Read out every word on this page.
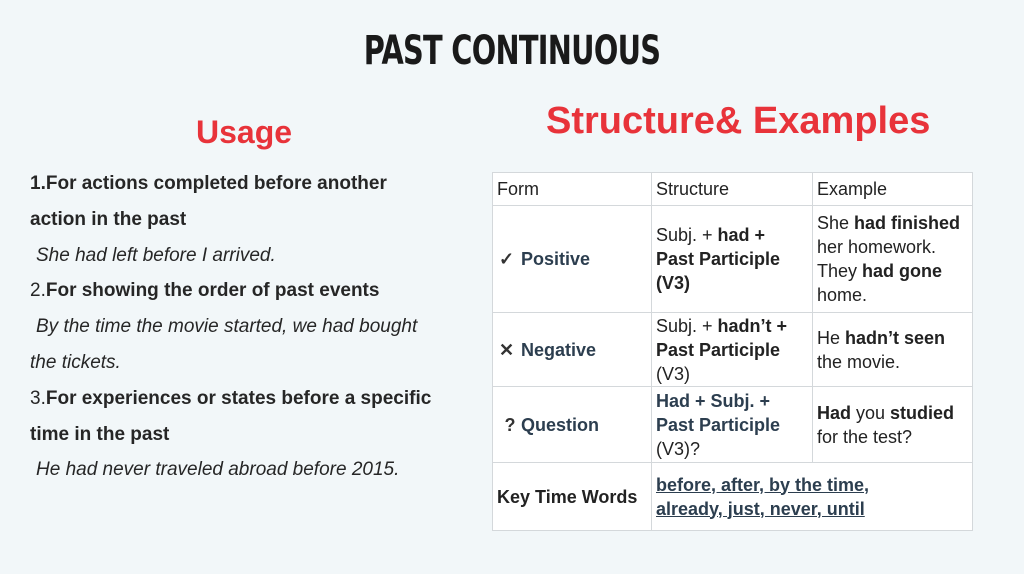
PAST CONTINUOUS
Usage	Structure& Examples
1.For actions completed before another
action in the past
She had left before I arrived.
2.For showing the order of past events
By the time the movie started, we had bought
the tickets.
3.For experiences or states before a specific
time in the past
He had never traveled abroad before 2015.
Form	Structure	Example
✓ Positive	Subj. + had + Past Participle (V3)	She had finished her homework. They had gone home.
✕ Negative	Subj. + hadn’t + Past Participle (V3)	He hadn’t seen the movie.
? Question	Had + Subj. + Past Participle (V3)?	Had you studied for the test?
Key Time Words	before, after, by the time,
already, just, never, until	
